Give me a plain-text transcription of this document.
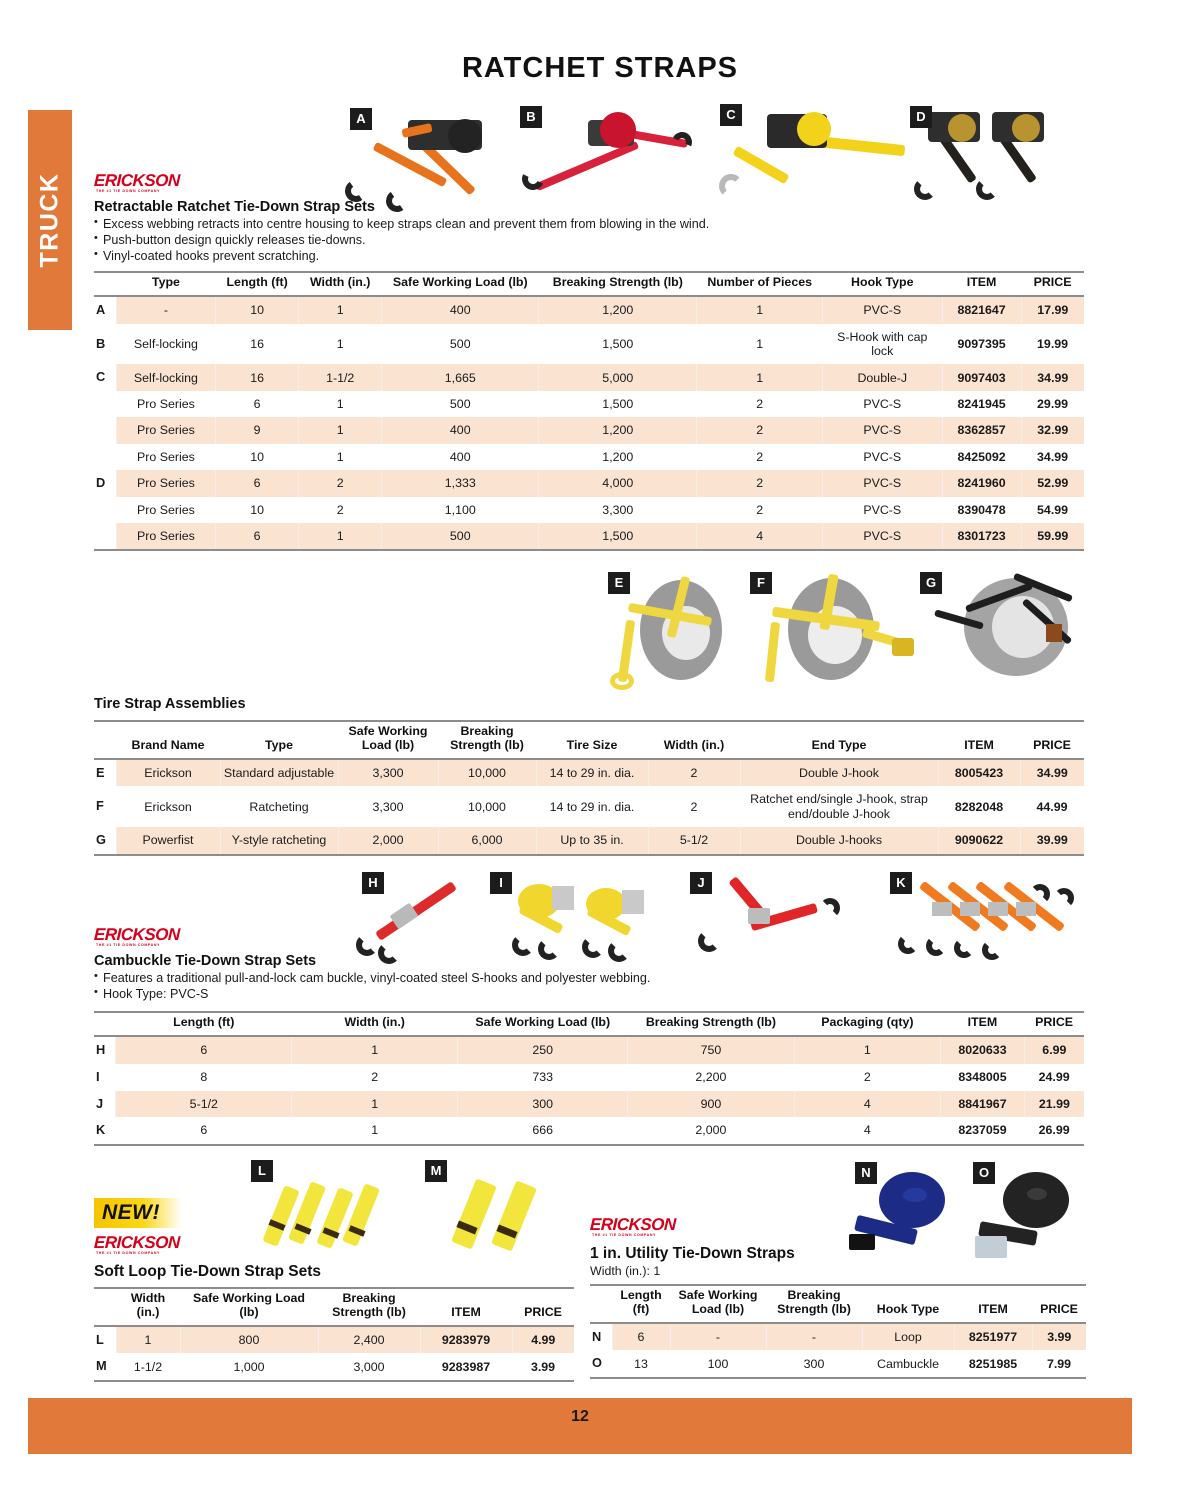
TRUCK
RATCHET STRAPS
A	B	C	D
ERICKSON
THE #1 TIE DOWN COMPANY
Retractable Ratchet Tie-Down Strap Sets
• Excess webbing retracts into centre housing to keep straps clean and prevent them from blowing in the wind.
• Push-button design quickly releases tie-downs.
• Vinyl-coated hooks prevent scratching.
	Type	Length (ft)	Width (in.)	Safe Working Load (lb)	Breaking Strength (lb)	Number of Pieces	Hook Type	ITEM	PRICE
A	-	10	1	400	1,200	1	PVC-S	8821647	17.99
B	Self-locking	16	1	500	1,500	1	S-Hook with cap lock	9097395	19.99
C	Self-locking	16	1-1/2	1,665	5,000	1	Double-J	9097403	34.99
	Pro Series	6	1	500	1,500	2	PVC-S	8241945	29.99
	Pro Series	9	1	400	1,200	2	PVC-S	8362857	32.99
	Pro Series	10	1	400	1,200	2	PVC-S	8425092	34.99
D	Pro Series	6	2	1,333	4,000	2	PVC-S	8241960	52.99
	Pro Series	10	2	1,100	3,300	2	PVC-S	8390478	54.99
	Pro Series	6	1	500	1,500	4	PVC-S	8301723	59.99
E	F	G
Tire Strap Assemblies
	Brand Name	Type	Safe Working Load (lb)	Breaking Strength (lb)	Tire Size	Width (in.)	End Type	ITEM	PRICE
E	Erickson	Standard adjustable	3,300	10,000	14 to 29 in. dia.	2	Double J-hook	8005423	34.99
F	Erickson	Ratcheting	3,300	10,000	14 to 29 in. dia.	2	Ratchet end/single J-hook, strap end/double J-hook	8282048	44.99
G	Powerfist	Y-style ratcheting	2,000	6,000	Up to 35 in.	5-1/2	Double J-hooks	9090622	39.99
H	I	J	K
ERICKSON
THE #1 TIE DOWN COMPANY
Cambuckle Tie-Down Strap Sets
• Features a traditional pull-and-lock cam buckle, vinyl-coated steel S-hooks and polyester webbing.
• Hook Type: PVC-S
	Length (ft)	Width (in.)	Safe Working Load (lb)	Breaking Strength (lb)	Packaging (qty)	ITEM	PRICE
H	6	1	250	750	1	8020633	6.99
I	8	2	733	2,200	2	8348005	24.99
J	5-1/2	1	300	900	4	8841967	21.99
K	6	1	666	2,000	4	8237059	26.99
L	M
NEW!
ERICKSON
THE #1 TIE DOWN COMPANY
Soft Loop Tie-Down Strap Sets
	Width (in.)	Safe Working Load (lb)	Breaking Strength (lb)	ITEM	PRICE
L	1	800	2,400	9283979	4.99
M	1-1/2	1,000	3,000	9283987	3.99
N	O
ERICKSON
THE #1 TIE DOWN COMPANY
1 in. Utility Tie-Down Straps
Width (in.): 1
	Length (ft)	Safe Working Load (lb)	Breaking Strength (lb)	Hook Type	ITEM	PRICE
N	6	-	-	Loop	8251977	3.99
O	13	100	300	Cambuckle	8251985	7.99
12
